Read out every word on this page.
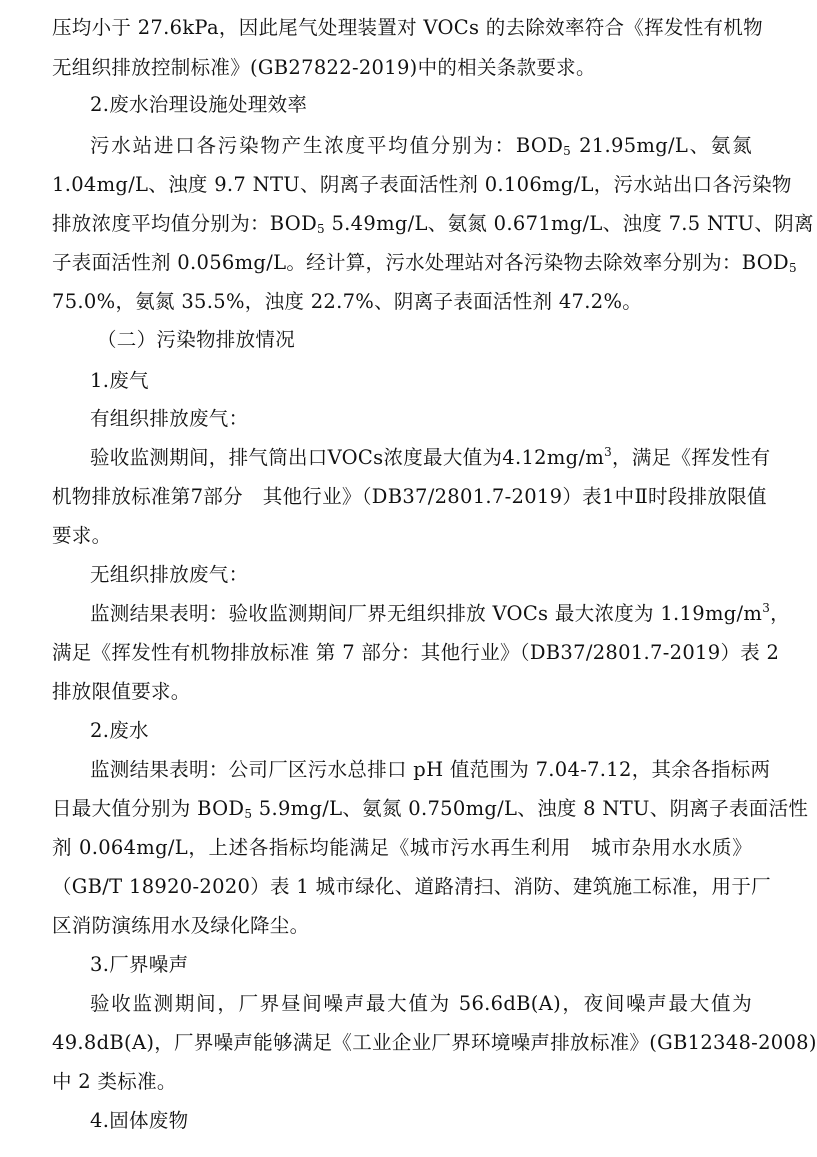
压均小于 27.6kPa，因此尾气处理装置对 VOCs 的去除效率符合《挥发性有机物
无组织排放控制标准》(GB27822-2019)中的相关条款要求。
2.废水治理设施处理效率
污水站进口各污染物产生浓度平均值分别为：$BOD_5$ 21.95mg/L、氨氮
1.04mg/L、浊度 9.7 NTU、阴离子表面活性剂 0.106mg/L，污水站出口各污染物
排放浓度平均值分别为：$BOD_5$ 5.49mg/L、氨氮 0.671mg/L、浊度 7.5 NTU、阴离
子表面活性剂 0.056mg/L。经计算，污水处理站对各污染物去除效率分别为：$BOD_5$
75.0%，氨氮 35.5%，浊度 22.7%、阴离子表面活性剂 47.2%。
（二）污染物排放情况
1.废气
有组织排放废气：
验收监测期间，排气筒出口VOCs浓度最大值为$4.12mg/m^3$，满足《挥发性有
机物排放标准第7部分　其他行业》（DB37/2801.7-2019）表1中Ⅱ时段排放限值
要求。
无组织排放废气：
监测结果表明：验收监测期间厂界无组织排放 VOCs 最大浓度为 $1.19mg/m^3$，
满足《挥发性有机物排放标准 第 7 部分：其他行业》（DB37/2801.7-2019）表 2
排放限值要求。
2.废水
监测结果表明：公司厂区污水总排口 pH 值范围为 7.04-7.12，其余各指标两
日最大值分别为 $BOD_5$ 5.9mg/L、氨氮 0.750mg/L、浊度 8 NTU、阴离子表面活性
剂 0.064mg/L，上述各指标均能满足《城市污水再生利用　城市杂用水水质》
（GB/T 18920-2020）表 1 城市绿化、道路清扫、消防、建筑施工标准，用于厂
区消防演练用水及绿化降尘。
3.厂界噪声
验收监测期间，厂界昼间噪声最大值为 56.6dB(A)，夜间噪声最大值为
49.8dB(A)，厂界噪声能够满足《工业企业厂界环境噪声排放标准》(GB12348-2008)
中 2 类标准。
4.固体废物
